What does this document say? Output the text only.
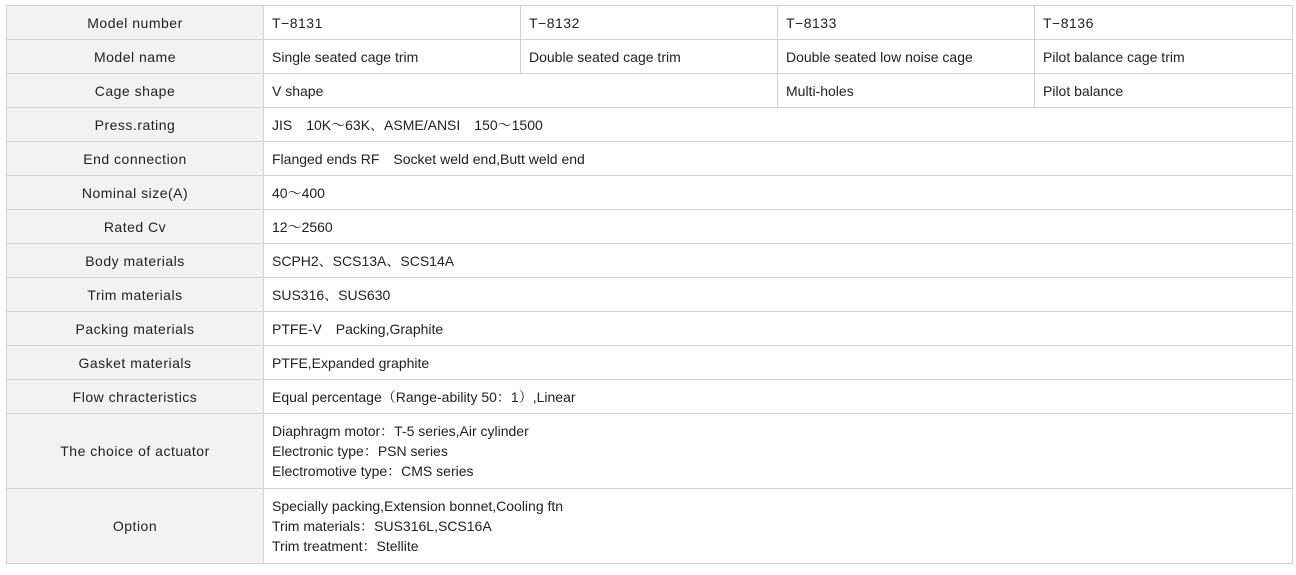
Model number	T−8131	T−8132	T−8133	T−8136
Model name	Single seated cage trim	Double seated cage trim	Double seated low noise cage	Pilot balance cage trim
Cage shape	V shape		Multi-holes	Pilot balance
Press.rating	JIS　10K〜63K、ASME/ANSI　150〜1500			
End connection	Flanged ends RF　Socket weld end,Butt weld end			
Nominal size(A)	40〜400			
Rated Cv	12〜2560			
Body materials	SCPH2、SCS13A、SCS14A			
Trim materials	SUS316、SUS630			
Packing materials	PTFE-V　Packing,Graphite			
Gasket materials	PTFE,Expanded graphite			
Flow chracteristics	Equal percentage（Range-ability 50：1）,Linear			
The choice of actuator	Diaphragm motor：T-5 series,Air cylinder
Electronic type：PSN series
Electromotive type：CMS series			

Option	Specially packing,Extension bonnet,Cooling ftn
Trim materials：SUS316L,SCS16A
Trim treatment：Stellite			
